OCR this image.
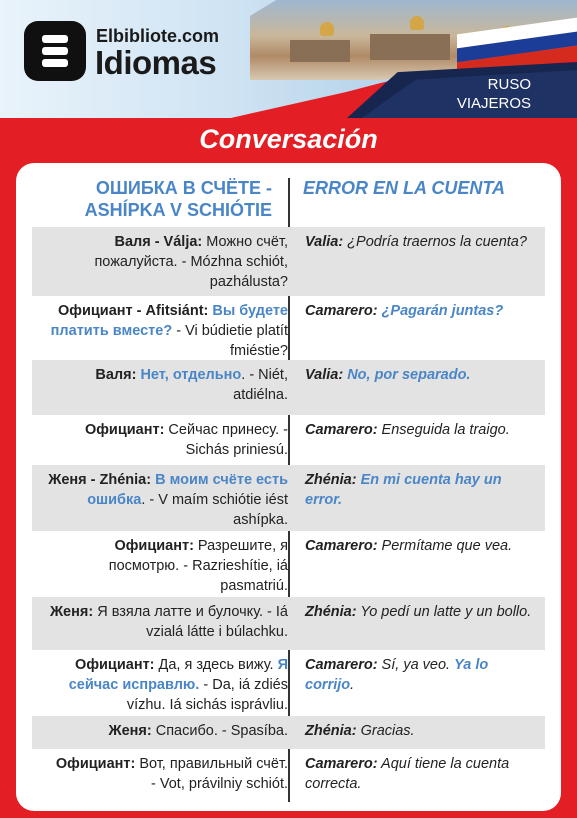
RUSO
VIAJEROS
Elbibliote.com
Idiomas
Conversación
ОШИБКА В СЧЁТЕ - ASHÍPKA V SCHIÓTIE
ERROR EN LA CUENTA
Валя - Válja: Можно счёт, пожалуйста. - Mózhna schiót, pazhálusta?
Valia: ¿Podría traernos la cuenta?
Официант - Afitsiánt: Вы будете платить вместе? - Vi búdietie platít fmiéstie?
Camarero: ¿Pagarán juntas?
Валя: Нет, отдельно. - Niét, atdiélna.
Valia: No, por separado.
Официант: Сейчас принесу. - Sichás priniesú.
Camarero: Enseguida la traigo.
Женя - Zhénia: В моим счёте есть ошибка. - V maím schiótie iést ashípka.
Zhénia: En mi cuenta hay un error.
Официант: Разрешите, я посмотрю. - Razrieshítie, iá pasmatriú.
Camarero: Permítame que vea.
Женя: Я взяла латте и булочку. - Iá vzialá látte i búlachku.
Zhénia: Yo pedí un latte y un bollo.
Официант: Да, я здесь вижу. Я сейчас исправлю. - Da, iá zdiés vízhu. Iá sichás isprávliu.
Camarero: Sí, ya veo. Ya lo corrijo.
Женя: Спасибо. - Spasíba. Zhénia: Gracias.
Официант: Вот, правильный счёт. - Vot, právilniy schiót.
Camarero: Aquí tiene la cuenta correcta.
